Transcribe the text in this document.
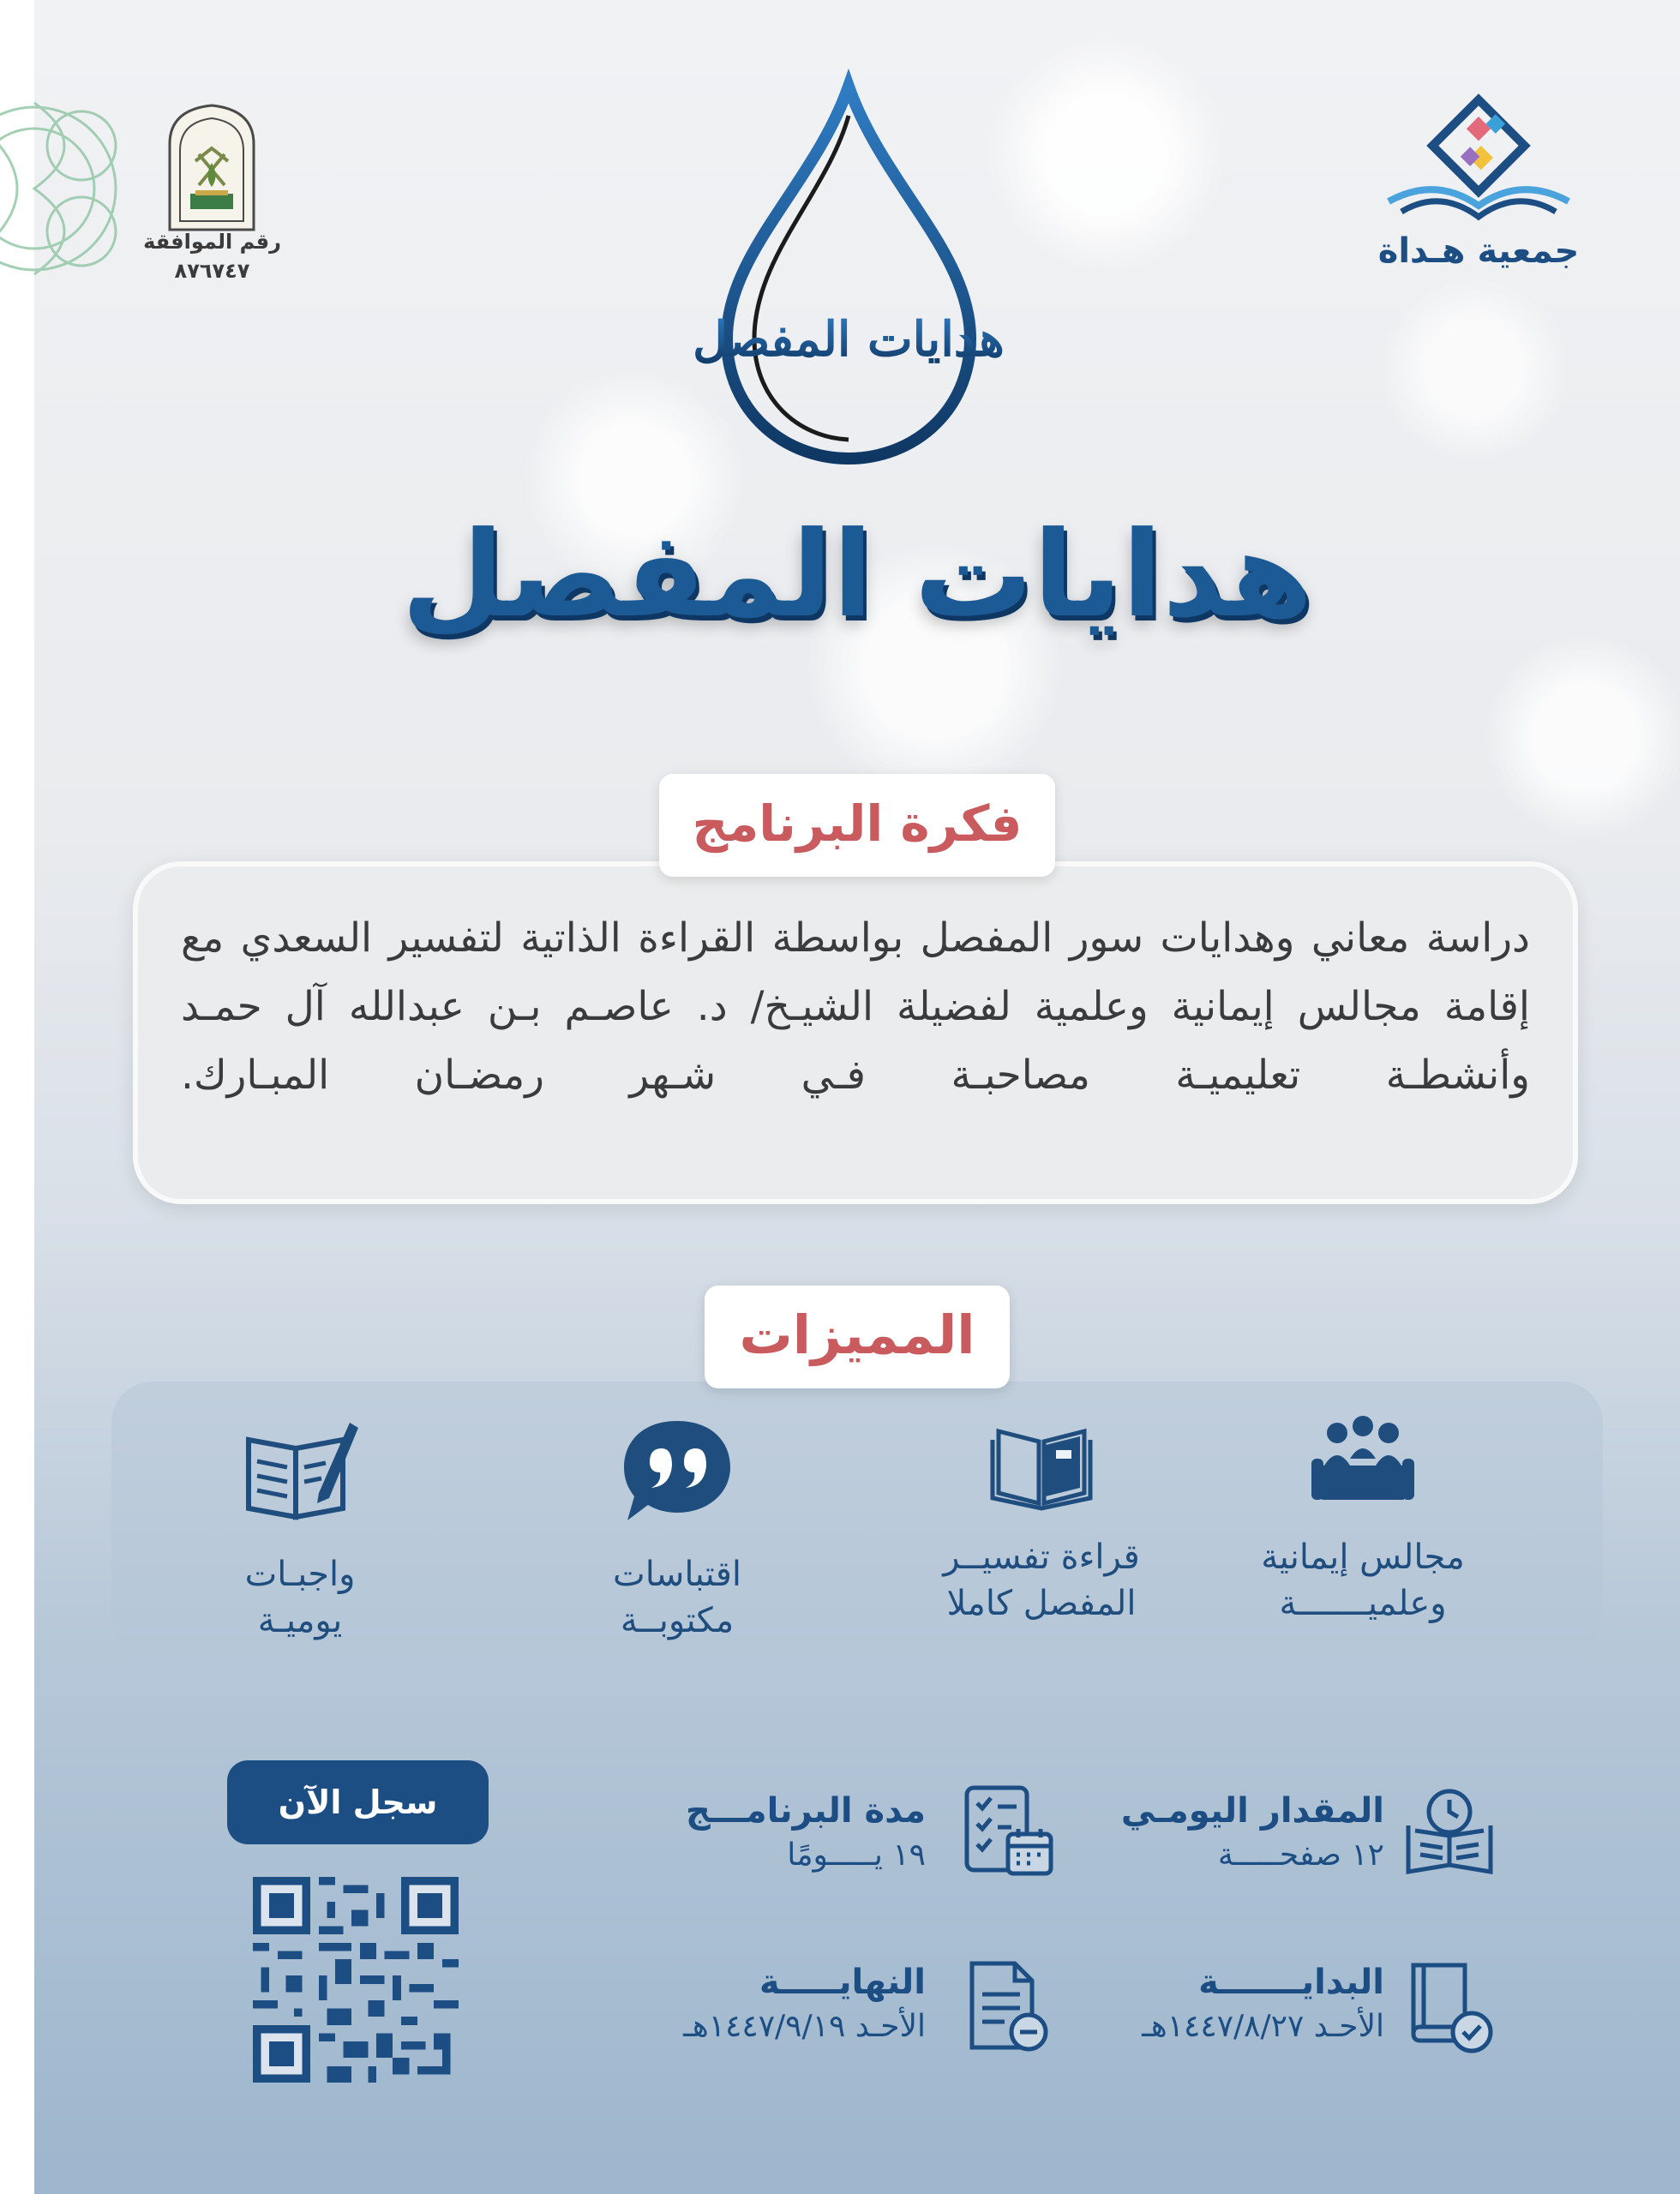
رقم الموافقة
٨٧٦٧٤٧	جمعية هـداة
هدايات المفصل
هدايات المفصل

دراسة معاني وهدايات سور المفصل بواسطة القراءة الذاتية لتفسير السعدي مع إقامة مجالس إيمانية وعلمية لفضيلة الشيـخ/ د. عاصـم بـن عبدالله آل حمـد وأنشطـة تعليميـة مصاحبـة فـي شـهر رمضـان المبـارك.

فكرة البرنامج
المميزات
مجالس إيمانية
وعلميـــــــة
قراءة تفسيــر
المفصل كاملا
اقتباسات
مكتوبــة
واجبـات
يوميـة
سجل الآن	المقدار اليومـي
١٢ صفحـــــة
مدة البرنامـــج
١٩ يـــــومًا
البدايـــــــة
الأحـد ١٤٤٧/٨/٢٧هـ
النهايـــــة
الأحـد ١٤٤٧/٩/١٩هـ
